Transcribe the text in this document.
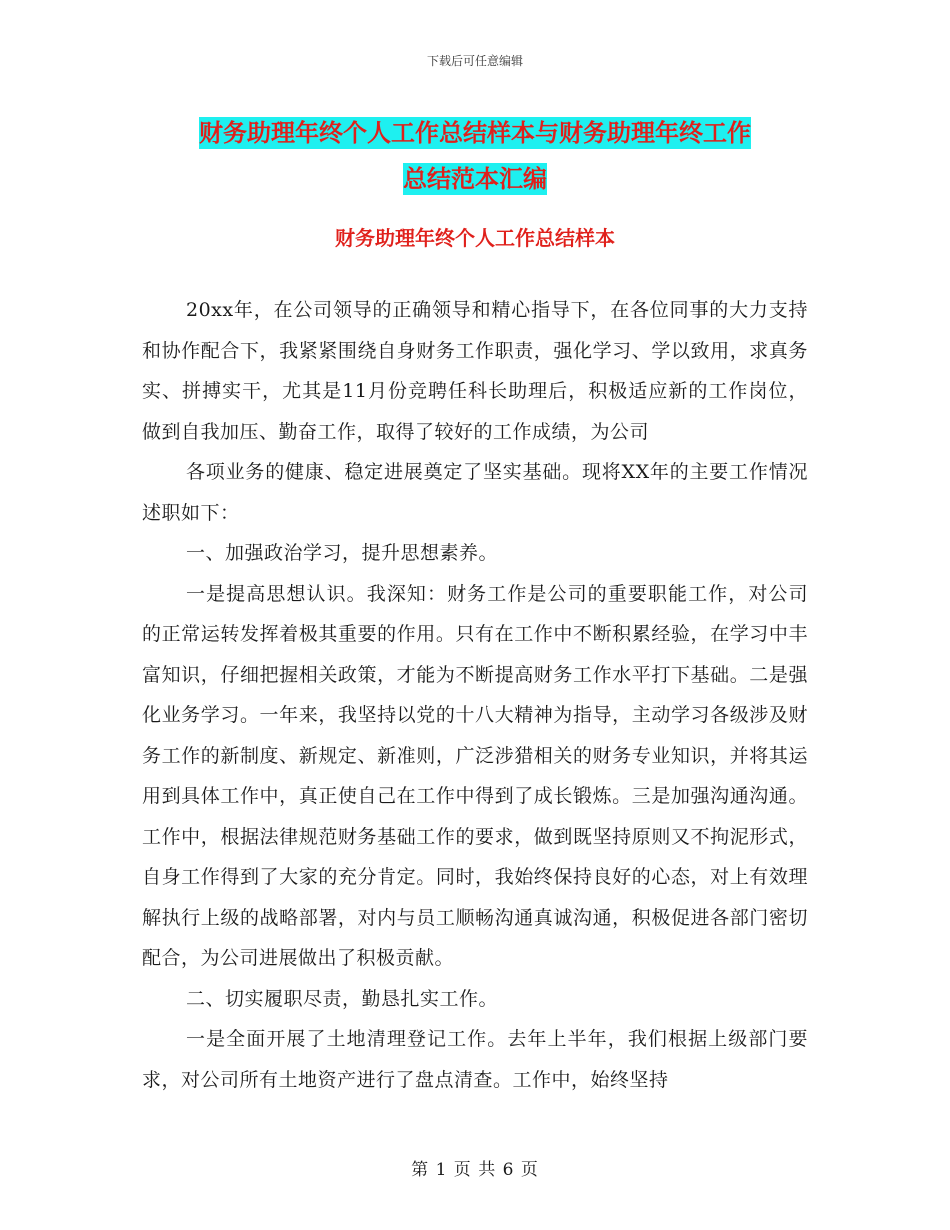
下载后可任意编辑
财务助理年终个人工作总结样本与财务助理年终工作
总结范本汇编
财务助理年终个人工作总结样本

20xx年，在公司领导的正确领导和精心指导下，在各位同事的大力支持和协作配合下，我紧紧围绕自身财务工作职责，强化学习、学以致用，求真务实、拼搏实干，尤其是11月份竞聘任科长助理后，积极适应新的工作岗位，做到自我加压、勤奋工作，取得了较好的工作成绩，为公司

各项业务的健康、稳定进展奠定了坚实基础。现将XX年的主要工作情况述职如下：

一、加强政治学习，提升思想素养。

一是提高思想认识。我深知：财务工作是公司的重要职能工作，对公司的正常运转发挥着极其重要的作用。只有在工作中不断积累经验，在学习中丰富知识，仔细把握相关政策，才能为不断提高财务工作水平打下基础。二是强化业务学习。一年来，我坚持以党的十八大精神为指导，主动学习各级涉及财务工作的新制度、新规定、新准则，广泛涉猎相关的财务专业知识，并将其运用到具体工作中，真正使自己在工作中得到了成长锻炼。三是加强沟通沟通。工作中，根据法律规范财务基础工作的要求，做到既坚持原则又不拘泥形式，自身工作得到了大家的充分肯定。同时，我始终保持良好的心态，对上有效理解执行上级的战略部署，对内与员工顺畅沟通真诚沟通，积极促进各部门密切配合，为公司进展做出了积极贡献。

二、切实履职尽责，勤恳扎实工作。

一是全面开展了土地清理登记工作。去年上半年，我们根据上级部门要求，对公司所有土地资产进行了盘点清查。工作中，始终坚持

第 1 页 共 6 页
